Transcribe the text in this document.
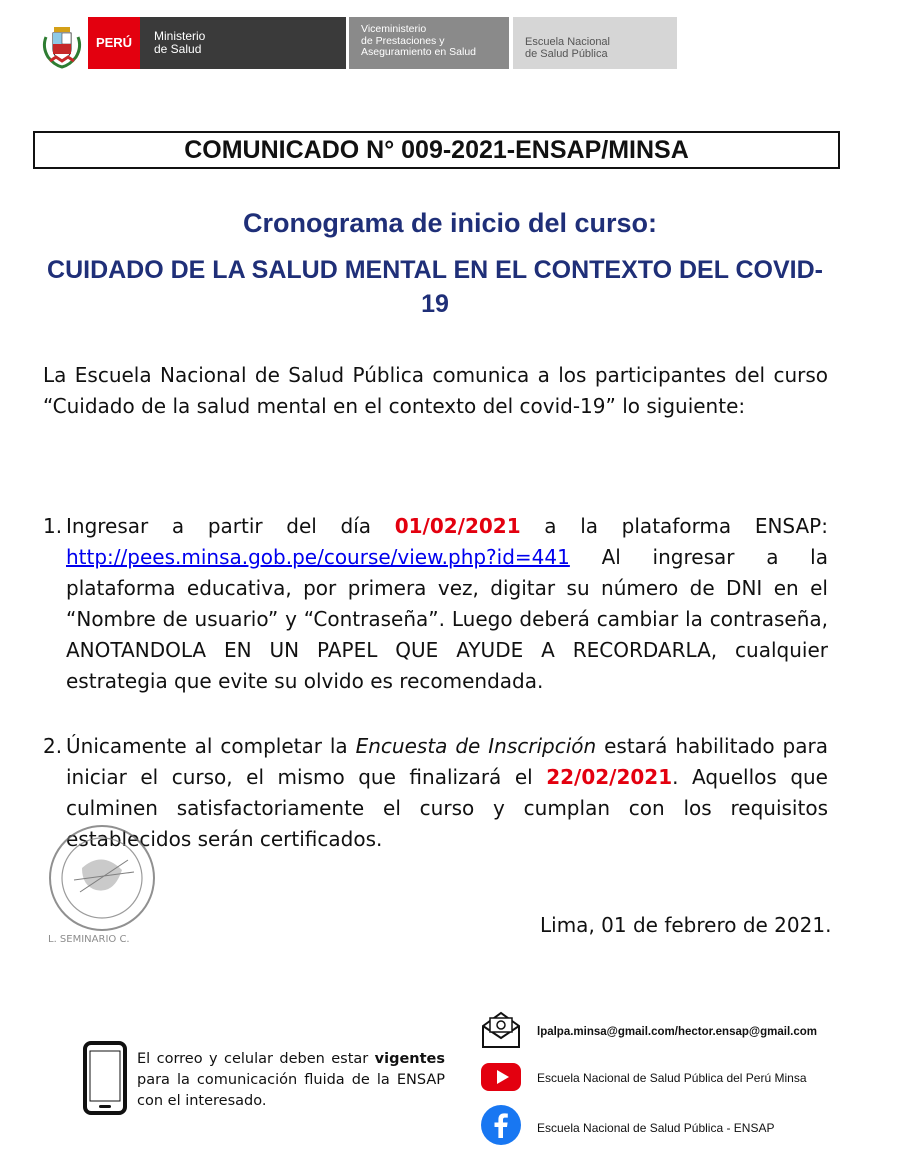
PERÚ	Ministerio
de Salud
Viceministerio
de Prestaciones y
Aseguramiento en Salud
Escuela Nacional
de Salud Pública
COMUNICADO N° 009-2021-ENSAP/MINSA
Cronograma de inicio del curso:
CUIDADO DE LA SALUD MENTAL EN EL CONTEXTO DEL COVID-19
La Escuela Nacional de Salud Pública comunica a los participantes del curso “Cuidado de la salud mental en el contexto del covid-19” lo siguiente:
1. Ingresar a partir del día 01/02/2021 a la plataforma ENSAP: http://pees.minsa.gob.pe/course/view.php?id=441 Al ingresar a la plataforma educativa, por primera vez, digitar su número de DNI en el “Nombre de usuario” y “Contraseña”. Luego deberá cambiar la contraseña, ANOTANDOLA EN UN PAPEL QUE AYUDE A RECORDARLA, cualquier estrategia que evite su olvido es recomendada.
2. Únicamente al completar la Encuesta de Inscripción estará habilitado para iniciar el curso, el mismo que finalizará el 22/02/2021. Aquellos que culminen satisfactoriamente el curso y cumplan con los requisitos establecidos serán certificados.
L. SEMINARIO C.
Lima, 01 de febrero de 2021.
El correo y celular deben estar vigentes para la comunicación fluida de la ENSAP con el interesado.
lpalpa.minsa@gmail.com/hector.ensap@gmail.com
Escuela Nacional de Salud Pública del Perú Minsa
Escuela Nacional de Salud Pública - ENSAP
